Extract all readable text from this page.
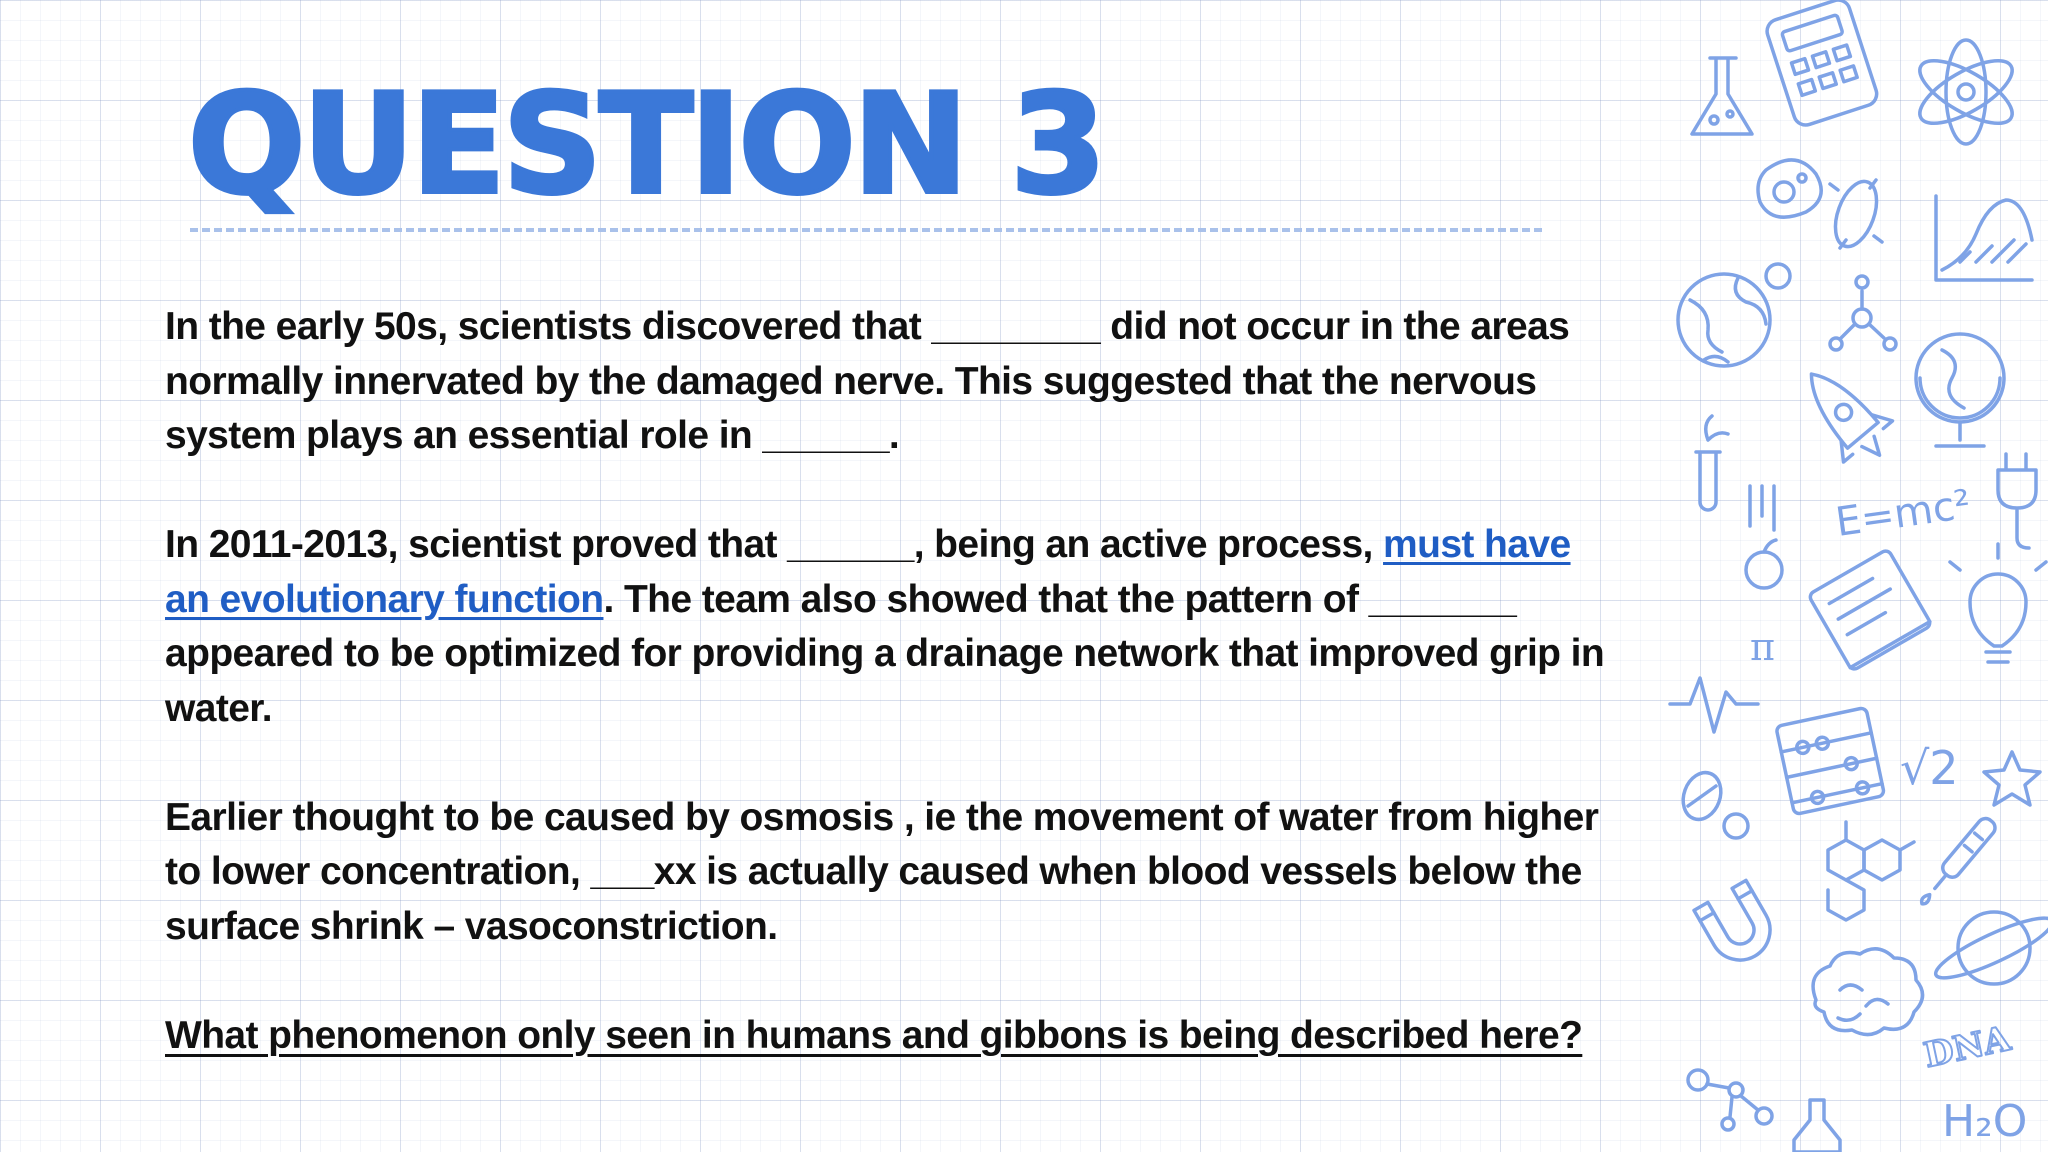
QUESTION 3

In the early 50s, scientists discovered that ________ did not occur in the areas normally innervated by the damaged nerve. This suggested that the nervous system plays an essential role in ______.

In 2011-2013, scientist proved that ______, being an active process, must have an evolutionary function. The team also showed that the pattern of _______ appeared to be optimized for providing a drainage network that improved grip in water.

Earlier thought to be caused by osmosis , ie the movement of water from higher to lower concentration, ___xx is actually caused when blood vessels below the surface shrink – vasoconstriction.

What phenomenon only seen in humans and gibbons is being described here?

E=mc²
π
√2
DNA
H₂O
